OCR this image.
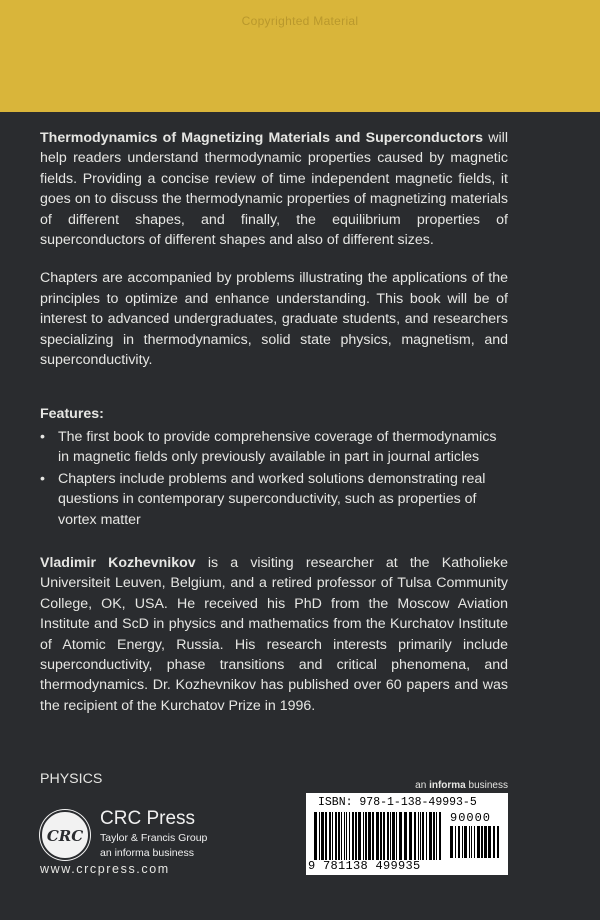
Copyrighted Material

Thermodynamics of Magnetizing Materials and Superconductors will help readers understand thermodynamic properties caused by magnetic fields. Providing a concise review of time independent magnetic fields, it goes on to discuss the thermodynamic properties of magnetizing materials of different shapes, and finally, the equilibrium properties of superconductors of different shapes and also of different sizes.

Chapters are accompanied by problems illustrating the applications of the principles to optimize and enhance understanding. This book will be of interest to advanced undergraduates, graduate students, and researchers specializing in thermodynamics, solid state physics, magnetism, and superconductivity.

Features:
• The first book to provide comprehensive coverage of thermodynamics in magnetic fields only previously available in part in journal articles
• Chapters include problems and worked solutions demonstrating real questions in contemporary superconductivity, such as properties of vortex matter
Vladimir Kozhevnikov is a visiting researcher at the Katholieke Universiteit Leuven, Belgium, and a retired professor of Tulsa Community College, OK, USA. He received his PhD from the Moscow Aviation Institute and ScD in physics and mathematics from the Kurchatov Institute of Atomic Energy, Russia. His research interests primarily include superconductivity, phase transitions and critical phenomena, and thermodynamics. Dr. Kozhevnikov has published over 60 papers and was the recipient of the Kurchatov Prize in 1996.
PHYSICS
CRC
CRC Press
Taylor & Francis Group
an informa business
www.crcpress.com
an informa business
ISBN: 978-1-138-49993-5
90000
9 781138 499935
